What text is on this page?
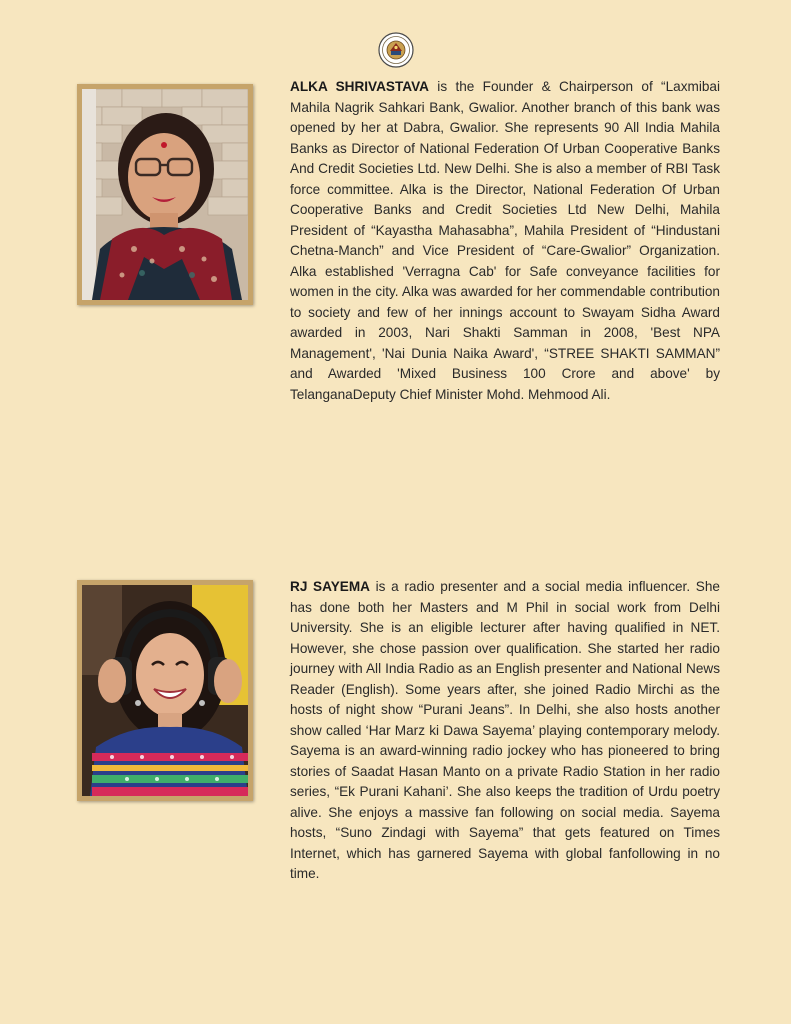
ALKA SHRIVASTAVA is the Founder & Chairperson of “Laxmibai Mahila Nagrik Sahkari Bank, Gwalior. Another branch of this bank was opened by her at Dabra, Gwalior. She represents 90 All India Mahila Banks as Director of National Federation Of Urban Cooperative Banks And Credit Societies Ltd. New Delhi. She is also a member of RBI Task force committee. Alka is the Director, National Federation Of Urban Cooperative Banks and Credit Societies Ltd New Delhi, Mahila President of “Kayastha Mahasabha”, Mahila President of “Hindustani Chetna-Manch” and Vice President of “Care-Gwalior” Organization. Alka established 'Verragna Cab' for Safe conveyance facilities for women in the city. Alka was awarded for her commendable contribution to society and few of her innings account to Swayam Sidha Award awarded in 2003, Nari Shakti Samman in 2008, 'Best NPA Management', 'Nai Dunia Naika Award', “STREE SHAKTI SAMMAN” and Awarded 'Mixed Business 100 Crore and above' by TelanganaDeputy Chief Minister Mohd. Mehmood Ali.

RJ SAYEMA is a radio presenter and a social media influencer. She has done both her Masters and M Phil in social work from Delhi University. She is an eligible lecturer after having qualified in NET. However, she chose passion over qualification. She started her radio journey with All India Radio as an English presenter and National News Reader (English). Some years after, she joined Radio Mirchi as the hosts of night show “Purani Jeans”. In Delhi, she also hosts another show called ‘Har Marz ki Dawa Sayema’ playing contemporary melody. Sayema is an award-winning radio jockey who has pioneered to bring stories of Saadat Hasan Manto on a private Radio Station in her radio series, “Ek Purani Kahani’. She also keeps the tradition of Urdu poetry alive. She enjoys a massive fan following on social media. Sayema hosts, “Suno Zindagi with Sayema” that gets featured on Times Internet, which has garnered Sayema with global fanfollowing in no time.
